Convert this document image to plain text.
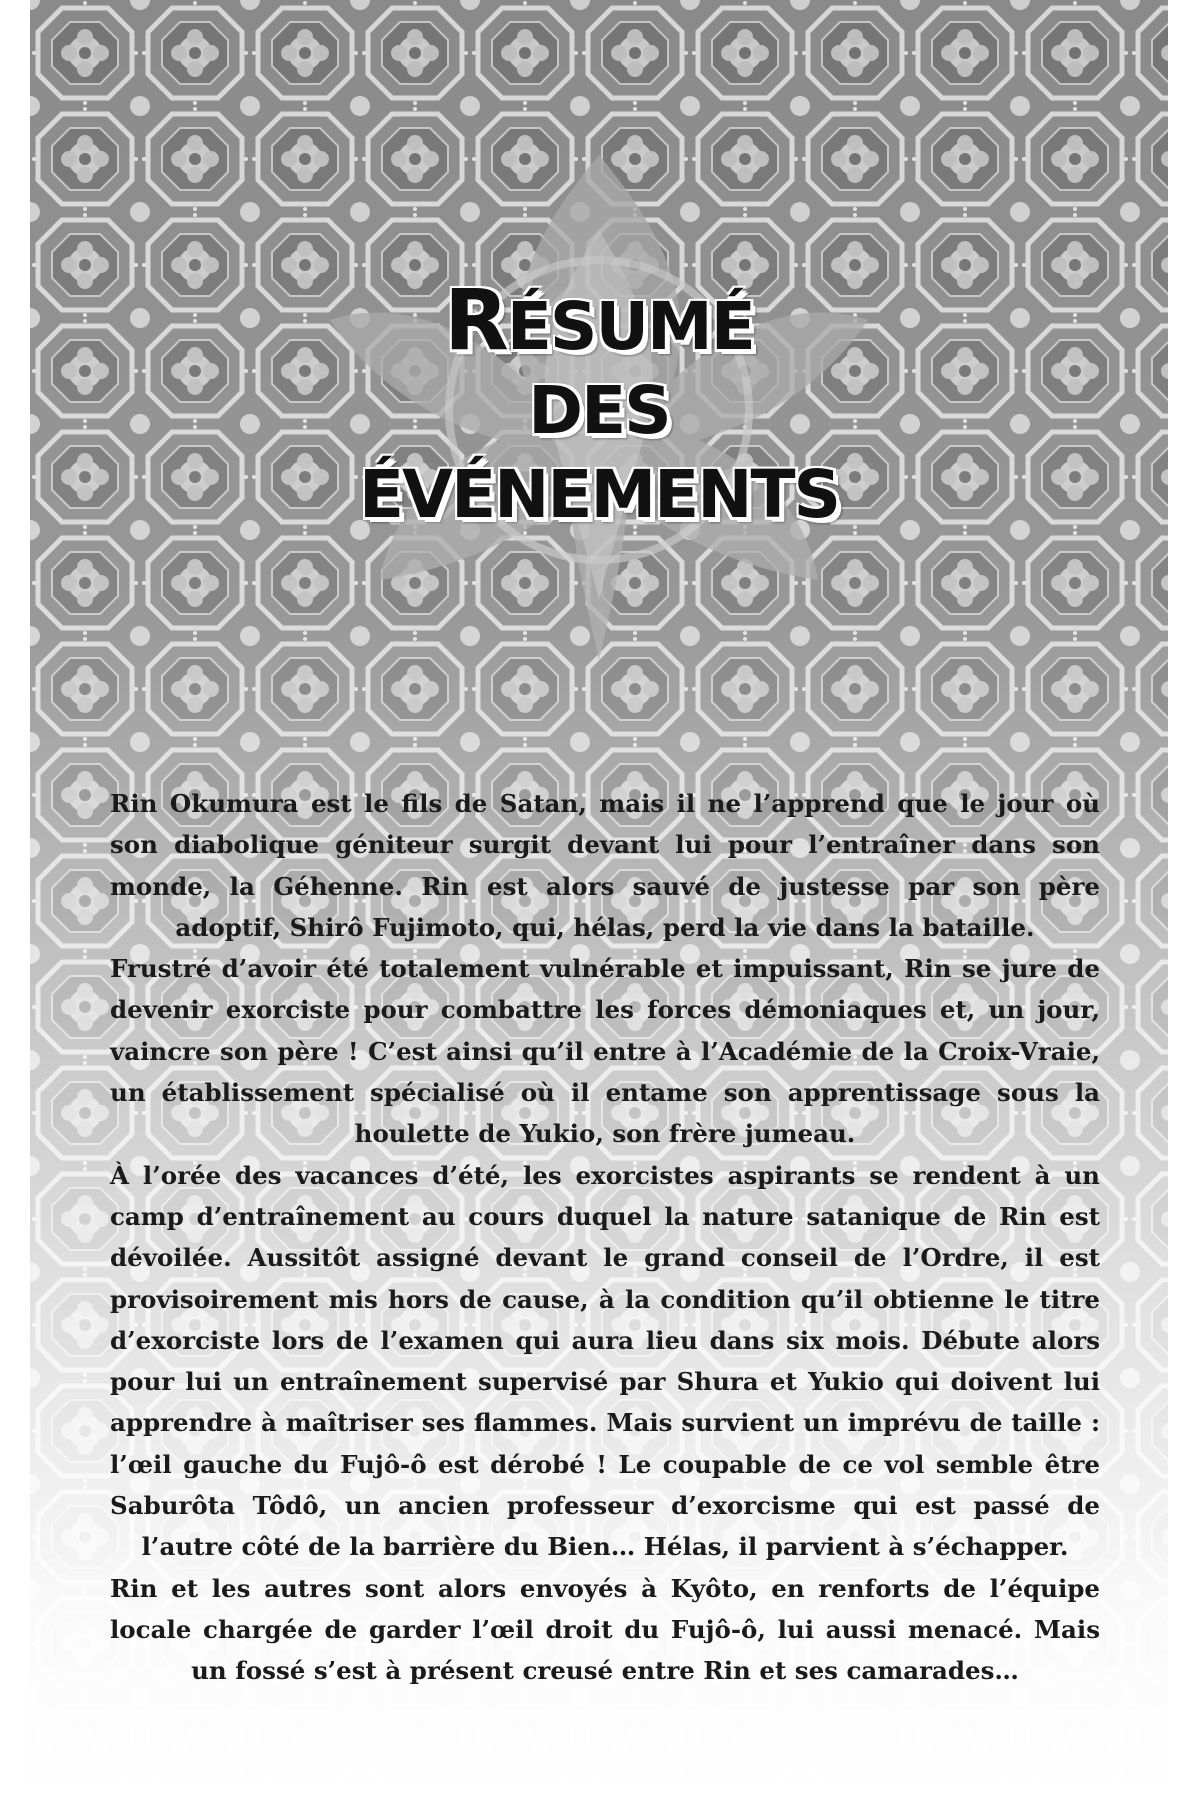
RÉSUMÉ
DES
ÉVÉNEMENTS

Rin Okumura est le fils de Satan, mais il ne l’apprend que le jour où son diabolique géniteur surgit devant lui pour l’entraîner dans son monde, la Géhenne. Rin est alors sauvé de justesse par son père adoptif, Shirô Fujimoto, qui, hélas, perd la vie dans la bataille.

Frustré d’avoir été totalement vulnérable et impuissant, Rin se jure de devenir exorciste pour combattre les forces démoniaques et, un jour, vaincre son père ! C’est ainsi qu’il entre à l’Académie de la Croix-Vraie, un établissement spécialisé où il entame son apprentissage sous la houlette de Yukio, son frère jumeau.

À l’orée des vacances d’été, les exorcistes aspirants se rendent à un camp d’entraînement au cours duquel la nature satanique de Rin est dévoilée. Aussitôt assigné devant le grand conseil de l’Ordre, il est provisoirement mis hors de cause, à la condition qu’il obtienne le titre d’exorciste lors de l’examen qui aura lieu dans six mois. Débute alors pour lui un entraînement supervisé par Shura et Yukio qui doivent lui apprendre à maîtriser ses flammes. Mais survient un imprévu de taille : l’œil gauche du Fujô-ô est dérobé ! Le coupable de ce vol semble être Saburôta Tôdô, un ancien professeur d’exorcisme qui est passé de l’autre côté de la barrière du Bien… Hélas, il parvient à s’échapper.

Rin et les autres sont alors envoyés à Kyôto, en renforts de l’équipe locale chargée de garder l’œil droit du Fujô-ô, lui aussi menacé. Mais un fossé s’est à présent creusé entre Rin et ses camarades…
